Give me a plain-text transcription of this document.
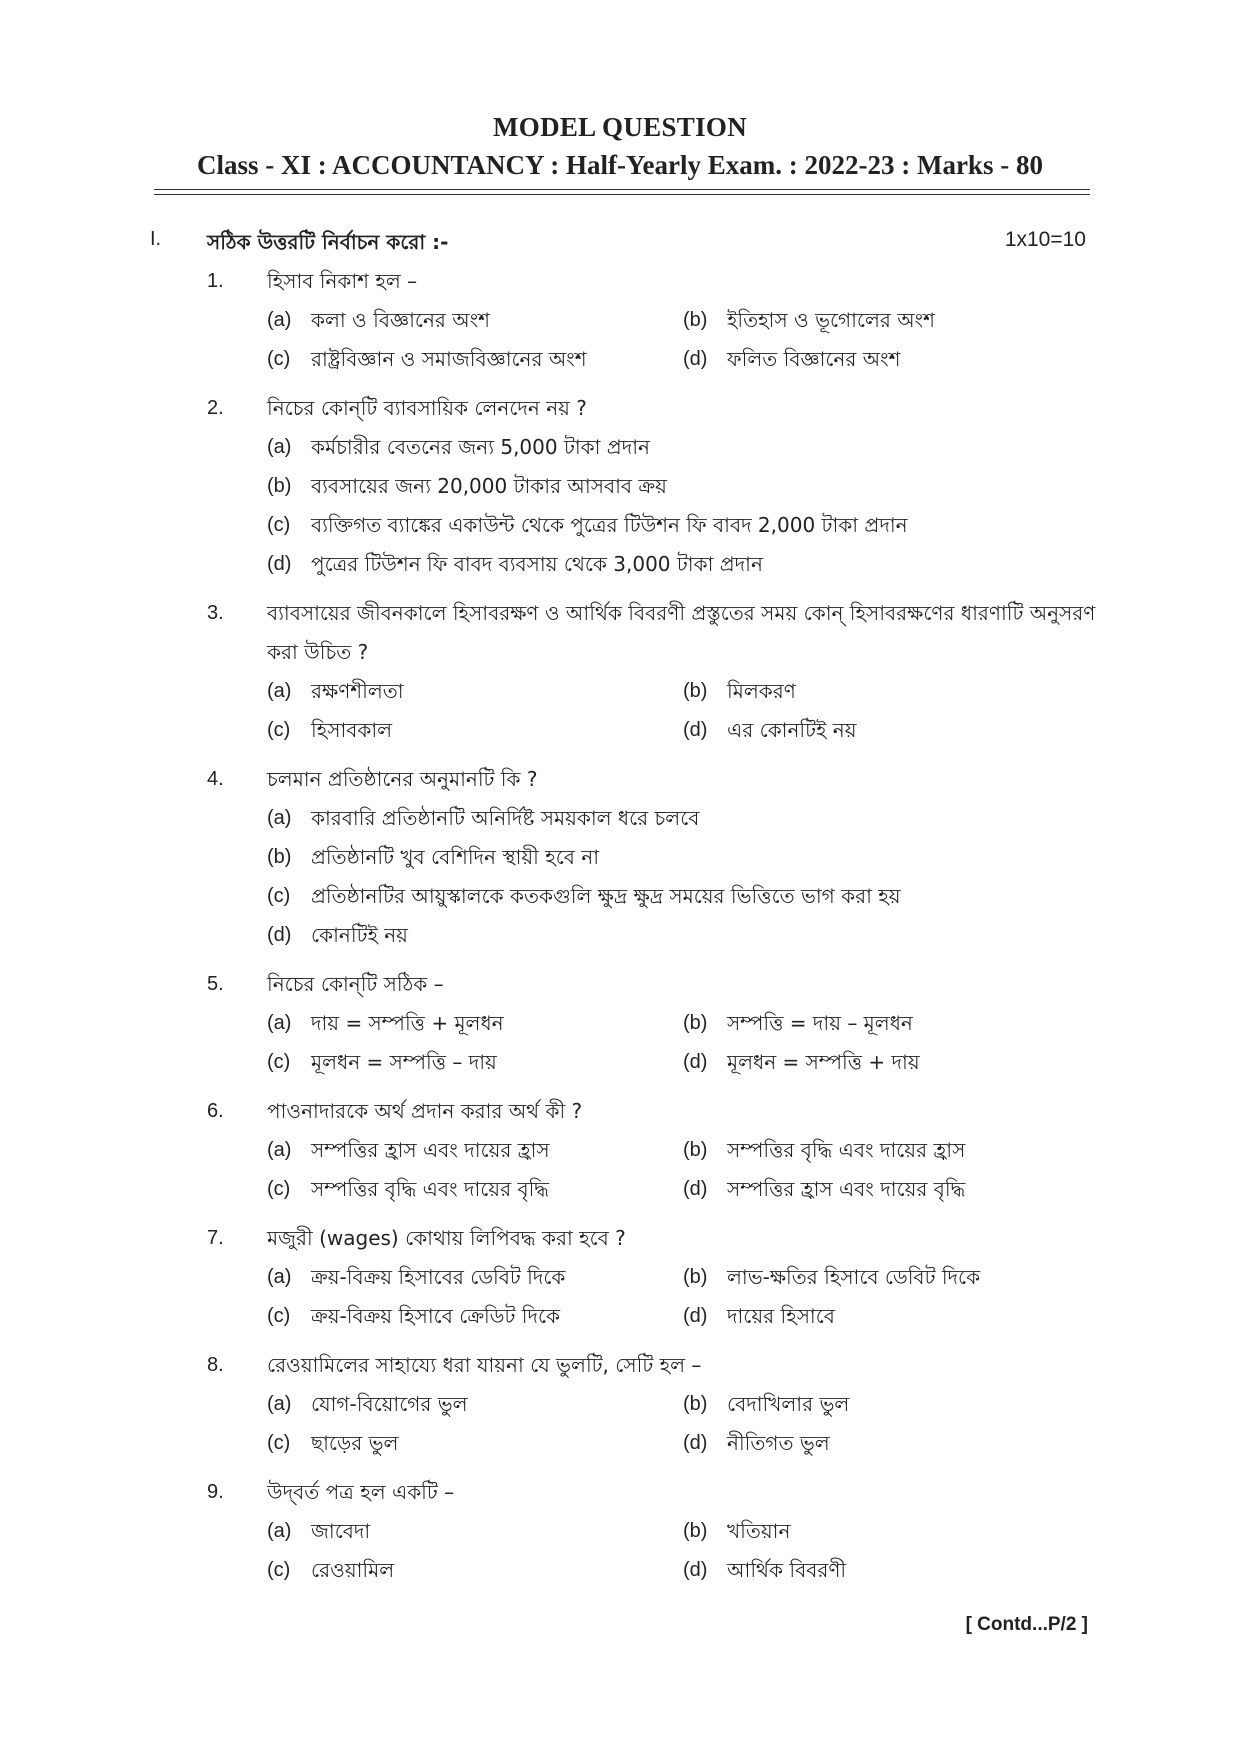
MODEL QUESTION
Class - XI : ACCOUNTANCY : Half-Yearly Exam. : 2022-23 : Marks - 80
I. সঠিক উত্তরটি নির্বাচন করো :-	1x10=10
1.	হিসাব নিকাশ হল –
(a) কলা ও বিজ্ঞানের অংশ	(b) ইতিহাস ও ভূগোলের অংশ
(c)	রাষ্ট্রবিজ্ঞান ও সমাজবিজ্ঞানের অংশ	(d) ফলিত বিজ্ঞানের অংশ
2.	নিচের কোন্‌টি ব্যাবসায়িক লেনদেন নয় ?
(a) কর্মচারীর বেতনের জন্য 5,000 টাকা প্রদান
(b) ব্যবসায়ের জন্য 20,000 টাকার আসবাব ক্রয়
(c)	ব্যক্তিগত ব্যাঙ্কের একাউন্ট থেকে পুত্রের টিউশন ফি বাবদ 2,000 টাকা প্রদান
(d) পুত্রের টিউশন ফি বাবদ ব্যবসায় থেকে 3,000 টাকা প্রদান
3.	ব্যাবসায়ের জীবনকালে হিসাবরক্ষণ ও আর্থিক বিবরণী প্রস্তুতের সময় কোন্‌ হিসাবরক্ষণের ধারণাটি অনুসরণ করা উচিত ?
(a) রক্ষণশীলতা	(b) মিলকরণ
(c)	হিসাবকাল	(d) এর কোনটিই নয়
4.	চলমান প্রতিষ্ঠানের অনুমানটি কি ?
(a) কারবারি প্রতিষ্ঠানটি অনির্দিষ্ট সময়কাল ধরে চলবে
(b) প্রতিষ্ঠানটি খুব বেশিদিন স্থায়ী হবে না
(c)	প্রতিষ্ঠানটির আয়ুস্কালকে কতকগুলি ক্ষুদ্র ক্ষুদ্র সময়ের ভিত্তিতে ভাগ করা হয়
(d) কোনটিই নয়
5.	নিচের কোন্‌টি সঠিক –
(a) দায় = সম্পত্তি + মূলধন	(b) সম্পত্তি = দায় – মূলধন
(c)	মূলধন = সম্পত্তি – দায়	(d) মূলধন = সম্পত্তি + দায়
6.	পাওনাদারকে অর্থ প্রদান করার অর্থ কী ?
(a) সম্পত্তির হ্রাস এবং দায়ের হ্রাস	(b) সম্পত্তির বৃদ্ধি এবং দায়ের হ্রাস
(c)	সম্পত্তির বৃদ্ধি এবং দায়ের বৃদ্ধি	(d) সম্পত্তির হ্রাস এবং দায়ের বৃদ্ধি
7.	মজুরী (wages) কোথায় লিপিবদ্ধ করা হবে ?
(a) ক্রয়-বিক্রয় হিসাবের ডেবিট দিকে	(b) লাভ-ক্ষতির হিসাবে ডেবিট দিকে
(c)	ক্রয়-বিক্রয় হিসাবে ক্রেডিট দিকে	(d) দায়ের হিসাবে
8.	রেওয়ামিলের সাহায্যে ধরা যায়না যে ভুলটি, সেটি হল –
(a) যোগ-বিয়োগের ভুল	(b) বেদাখিলার ভুল
(c)	ছাড়ের ভুল	(d) নীতিগত ভুল
9.	উদ্‌বর্ত পত্র হল একটি –
(a) জাবেদা	(b) খতিয়ান
(c)	রেওয়ামিল	(d) আর্থিক বিবরণী
[ Contd...P/2 ]
